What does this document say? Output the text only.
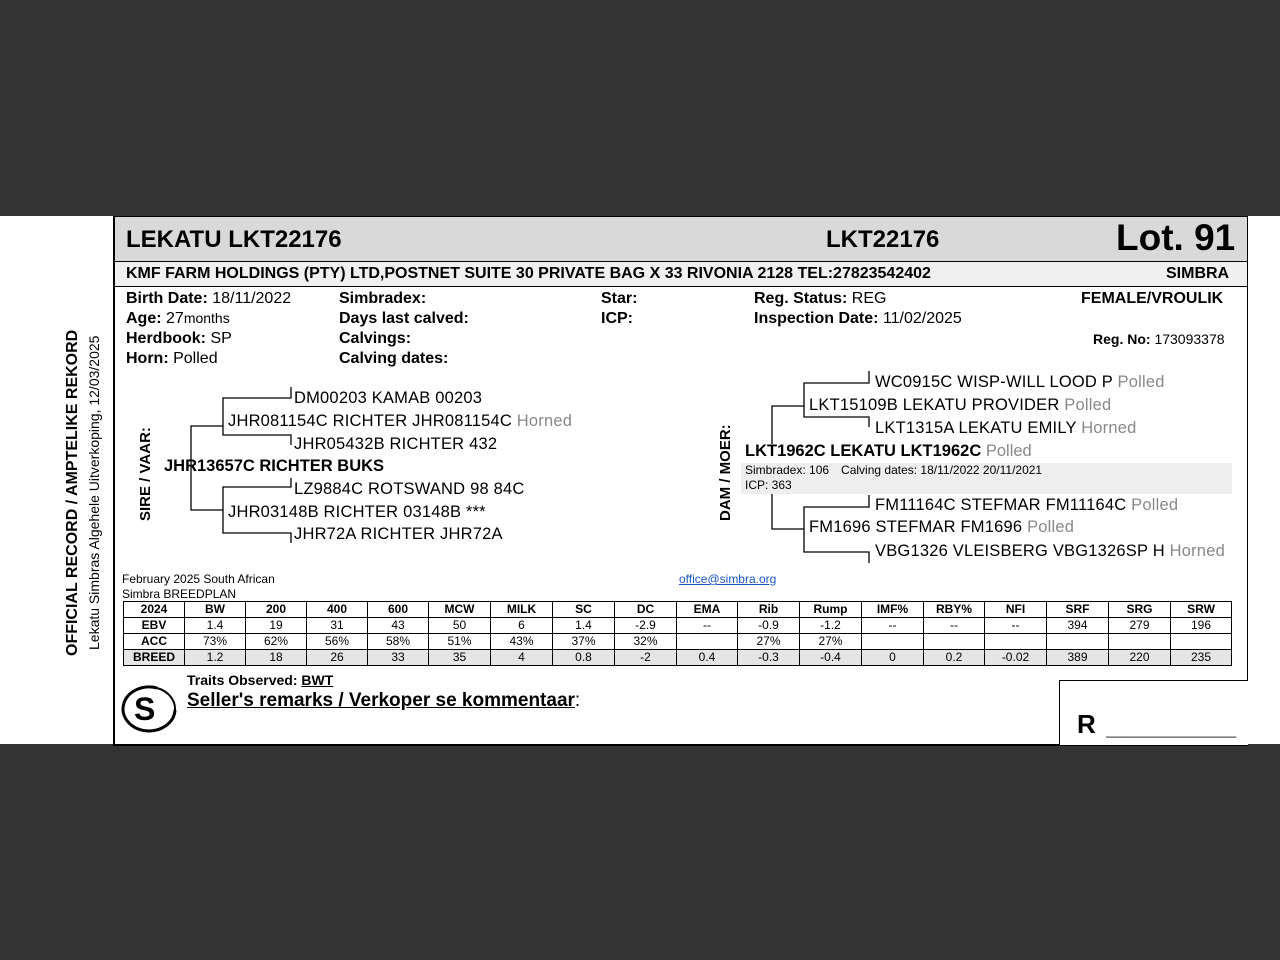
OFFICIAL RECORD / AMPTELIKE REKORD Lekatu Simbras Algehele Uitverkoping, 12/03/2025
LEKATU LKT22176	LKT22176	Lot. 91
KMF FARM HOLDINGS (PTY) LTD,POSTNET SUITE 30 PRIVATE BAG X 33 RIVONIA 2128 TEL:27823542402	SIMBRA
Birth Date: 18/11/2022
Age: 27months
Herdbook: SP
Horn: Polled
Simbradex:
Days last calved:
Calvings:
Calving dates:
Star:
ICP:
Reg. Status: REG
Inspection Date: 11/02/2025
FEMALE/VROULIK
Reg. No: 173093378
SIRE / VAAR: JHR13657C RICHTER BUKS
JHR081154C RICHTER JHR081154C Horned
DM00203 KAMAB 00203
JHR05432B RICHTER 432
JHR03148B RICHTER 03148B ***
LZ9884C ROTSWAND 98 84C
JHR72A RICHTER JHR72A
DAM / MOER: LKT1962C LEKATU LKT1962C Polled
Simbradex: 106 Calving dates: 18/11/2022 20/11/2021
ICP: 363
LKT15109B LEKATU PROVIDER Polled
WC0915C WISP-WILL LOOD P Polled
LKT1315A LEKATU EMILY Horned
FM1696 STEFMAR FM1696 Polled
FM11164C STEFMAR FM11164C Polled
VBG1326 VLEISBERG VBG1326SP H Horned
February 2025 South African
Simbra BREEDPLAN
office@simbra.org
2024	BW	200	400	600	MCW	MILK	SC	DC	EMA	Rib	Rump	IMF%	RBY%	NFI	SRF	SRG	SRW
EBV	1.4	19	31	43	50	6	1.4	-2.9	--	-0.9	-1.2	--	--	--	394	279	196
ACC	73%	62%	56%	58%	51%	43%	37%	32%		27%	27%						
BREED	1.2	18	26	33	35	4	0.8	-2	0.4	-0.3	-0.4	0	0.2	-0.02	389	220	235
S
Traits Observed: BWT
Seller's remarks / Verkoper se kommentaar:
R __________________
